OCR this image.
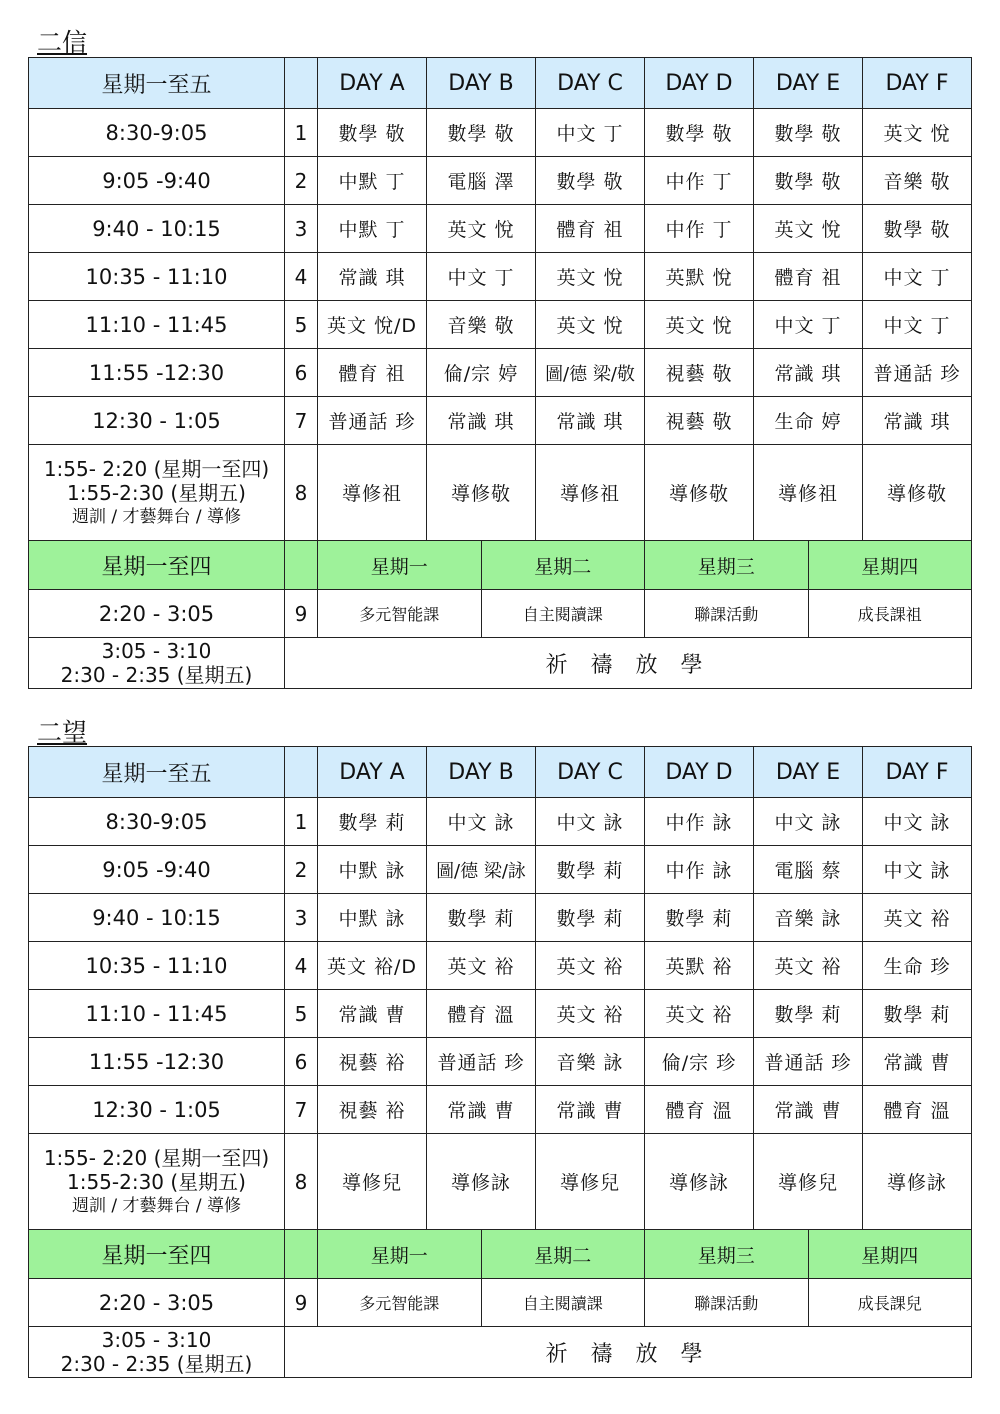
二信
星期一至五		DAY A	DAY B	DAY C	DAY D	DAY E	DAY F
8:30-9:05	1	數學 敬	數學 敬	中文 丁	數學 敬	數學 敬	英文 悅
9:05 -9:40	2	中默 丁	電腦 澤	數學 敬	中作 丁	數學 敬	音樂 敬
9:40 - 10:15	3	中默 丁	英文 悅	體育 祖	中作 丁	英文 悅	數學 敬
10:35 - 11:10	4	常識 琪	中文 丁	英文 悅	英默 悅	體育 祖	中文 丁
11:10 - 11:45	5	英文 悅/D	音樂 敬	英文 悅	英文 悅	中文 丁	中文 丁
11:55 -12:30	6	體育 祖	倫/宗 婷	圖/德 梁/敬	視藝 敬	常識 琪	普通話 珍
12:30 - 1:05	7	普通話 珍	常識 琪	常識 琪	視藝 敬	生命 婷	常識 琪

1:55- 2:20 (星期一至四)
1:55-2:30 (星期五)
週訓 / 才藝舞台 / 導修	8	導修祖	導修敬	導修祖	導修敬	導修祖	導修敬
星期一至四		星期一 星期二 星期三 星期四					

2:20 - 3:05	9	多元智能課 自主閱讀課 聯課活動 成長課祖					

3:05 - 3:10
2:30 - 2:35 (星期五)	祈 禱 放 學						
二望
星期一至五		DAY A	DAY B	DAY C	DAY D	DAY E	DAY F
8:30-9:05	1	數學 莉	中文 詠	中文 詠	中作 詠	中文 詠	中文 詠
9:05 -9:40	2	中默 詠	圖/德 梁/詠	數學 莉	中作 詠	電腦 蔡	中文 詠
9:40 - 10:15	3	中默 詠	數學 莉	數學 莉	數學 莉	音樂 詠	英文 裕
10:35 - 11:10	4	英文 裕/D	英文 裕	英文 裕	英默 裕	英文 裕	生命 珍
11:10 - 11:45	5	常識 曹	體育 溫	英文 裕	英文 裕	數學 莉	數學 莉
11:55 -12:30	6	視藝 裕	普通話 珍	音樂 詠	倫/宗 珍	普通話 珍	常識 曹
12:30 - 1:05	7	視藝 裕	常識 曹	常識 曹	體育 溫	常識 曹	體育 溫

1:55- 2:20 (星期一至四)
1:55-2:30 (星期五)
週訓 / 才藝舞台 / 導修	8	導修兒	導修詠	導修兒	導修詠	導修兒	導修詠
星期一至四		星期一 星期二 星期三 星期四					

2:20 - 3:05	9	多元智能課 自主閱讀課 聯課活動 成長課兒					

3:05 - 3:10
2:30 - 2:35 (星期五)	祈 禱 放 學						
